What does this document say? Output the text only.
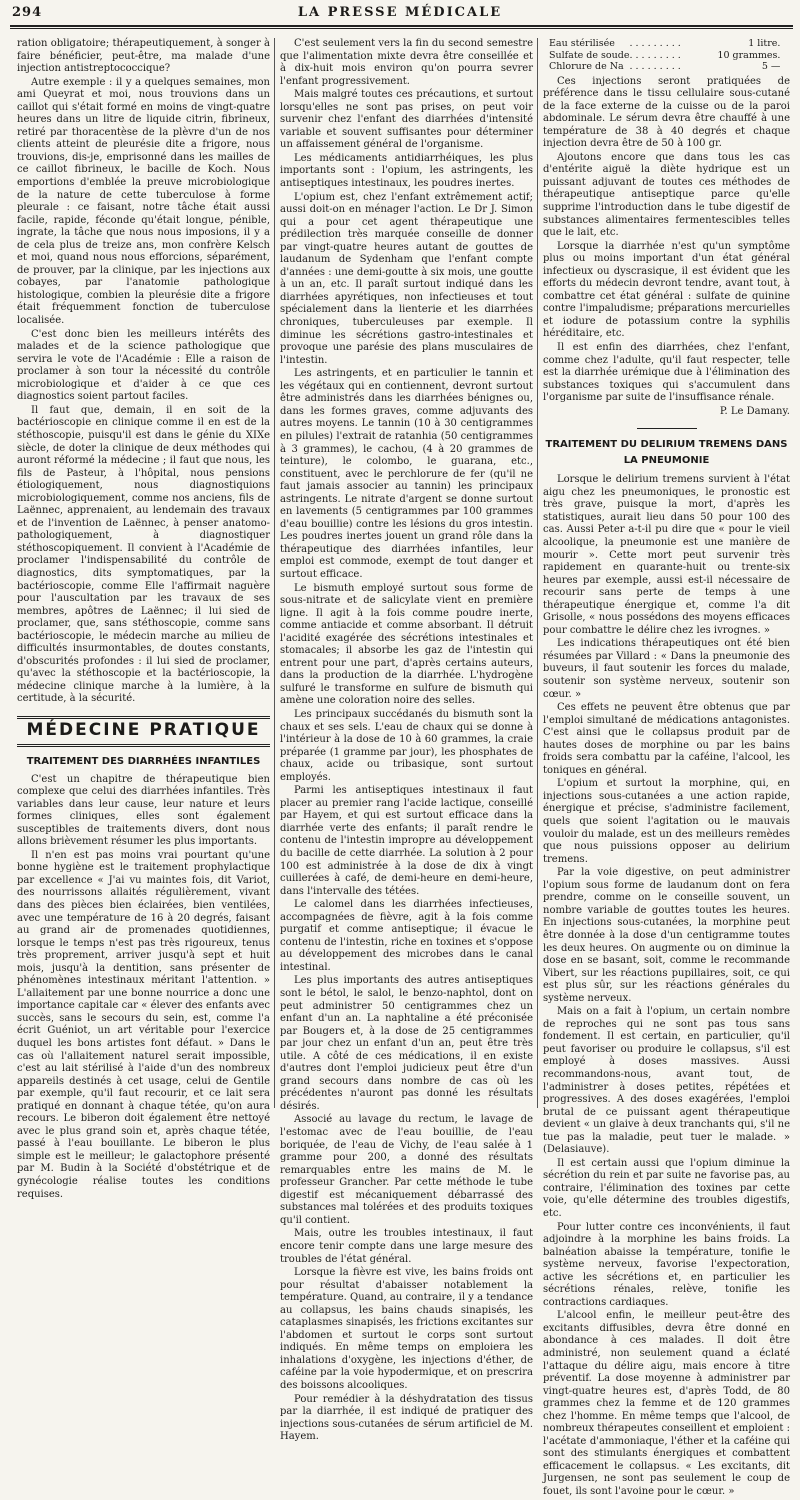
294	LA PRESSE MÉDICALE

ration obligatoire; thérapeutiquement, à songer à faire bénéficier, peut-être, ma malade d'une injection antistreptococcique?

Autre exemple : il y a quelques semaines, mon ami Queyrat et moi, nous trouvions dans un caillot qui s'était formé en moins de vingt-quatre heures dans un litre de liquide citrin, fibrineux, retiré par thoracentèse de la plèvre d'un de nos clients atteint de pleurésie dite a frigore, nous trouvions, dis-je, emprisonné dans les mailles de ce caillot fibrineux, le bacille de Koch. Nous emportions d'emblée la preuve microbiologique de la nature de cette tuberculose à forme pleurale : ce faisant, notre tâche était aussi facile, rapide, féconde qu'était longue, pénible, ingrate, la tâche que nous nous imposions, il y a de cela plus de treize ans, mon confrère Kelsch et moi, quand nous nous efforcions, séparément, de prouver, par la clinique, par les injections aux cobayes, par l'anatomie pathologique histologique, combien la pleurésie dite a frigore était fréquemment fonction de tuberculose localisée.

C'est donc bien les meilleurs intérêts des malades et de la science pathologique que servira le vote de l'Académie : Elle a raison de proclamer à son tour la nécessité du contrôle microbiologique et d'aider à ce que ces diagnostics soient partout faciles.

Il faut que, demain, il en soit de la bactérioscopie en clinique comme il en est de la stéthoscopie, puisqu'il est dans le génie du XIXe siècle, de doter la clinique de deux méthodes qui auront réformé la médecine ; il faut que nous, les fils de Pasteur, à l'hôpital, nous pensions étiologiquement, nous diagnostiquions microbiologiquement, comme nos anciens, fils de Laënnec, apprenaient, au lendemain des travaux et de l'invention de Laënnec, à penser anatomo-pathologiquement, à diagnostiquer stéthoscopiquement. Il convient à l'Académie de proclamer l'indispensabilité du contrôle de diagnostics, dits symptomatiques, par la bactérioscopie, comme Elle l'affirmait naguère pour l'auscultation par les travaux de ses membres, apôtres de Laënnec; il lui sied de proclamer, que, sans stéthoscopie, comme sans bactérioscopie, le médecin marche au milieu de difficultés insurmontables, de doutes constants, d'obscurités profondes : il lui sied de proclamer, qu'avec la stéthoscopie et la bactérioscopie, la médecine clinique marche à la lumière, à la certitude, à la sécurité.

MÉDECINE PRATIQUE
TRAITEMENT DES DIARRHÉES INFANTILES

C'est un chapitre de thérapeutique bien complexe que celui des diarrhées infantiles. Très variables dans leur cause, leur nature et leurs formes cliniques, elles sont également susceptibles de traitements divers, dont nous allons brièvement résumer les plus importants.

Il n'en est pas moins vrai pourtant qu'une bonne hygiène est le traitement prophylactique par excellence « J'ai vu maintes fois, dit Variot, des nourrissons allaités régulièrement, vivant dans des pièces bien éclairées, bien ventilées, avec une température de 16 à 20 degrés, faisant au grand air de promenades quotidiennes, lorsque le temps n'est pas très rigoureux, tenus très proprement, arriver jusqu'à sept et huit mois, jusqu'à la dentition, sans présenter de phénomènes intestinaux méritant l'attention. » L'allaitement par une bonne nourrice a donc une importance capitale car « élever des enfants avec succès, sans le secours du sein, est, comme l'a écrit Guéniot, un art véritable pour l'exercice duquel les bons artistes font défaut. » Dans le cas où l'allaitement naturel serait impossible, c'est au lait stérilisé à l'aide d'un des nombreux appareils destinés à cet usage, celui de Gentile par exemple, qu'il faut recourir, et ce lait sera pratiqué en donnant à chaque tétée, qu'on aura recours. Le biberon doit également être nettoyé avec le plus grand soin et, après chaque tétée, passé à l'eau bouillante. Le biberon le plus simple est le meilleur; le galactophore présenté par M. Budin à la Société d'obstétrique et de gynécologie réalise toutes les conditions requises.

C'est seulement vers la fin du second semestre que l'alimentation mixte devra être conseillée et à dix-huit mois environ qu'on pourra sevrer l'enfant progressivement.

Mais malgré toutes ces précautions, et surtout lorsqu'elles ne sont pas prises, on peut voir survenir chez l'enfant des diarrhées d'intensité variable et souvent suffisantes pour déterminer un affaissement général de l'organisme.

Les médicaments antidiarrhéiques, les plus importants sont : l'opium, les astringents, les antiseptiques intestinaux, les poudres inertes.

L'opium est, chez l'enfant extrêmement actif; aussi doit-on en ménager l'action. Le Dr J. Simon qui a pour cet agent thérapeutique une prédilection très marquée conseille de donner par vingt-quatre heures autant de gouttes de laudanum de Sydenham que l'enfant compte d'années : une demi-goutte à six mois, une goutte à un an, etc. Il paraît surtout indiqué dans les diarrhées apyrétiques, non infectieuses et tout spécialement dans la lienterie et les diarrhées chroniques, tuberculeuses par exemple. Il diminue les sécrétions gastro-intestinales et provoque une parésie des plans musculaires de l'intestin.

Les astringents, et en particulier le tannin et les végétaux qui en contiennent, devront surtout être administrés dans les diarrhées bénignes ou, dans les formes graves, comme adjuvants des autres moyens. Le tannin (10 à 30 centigrammes en pilules) l'extrait de ratanhia (50 centigrammes à 3 grammes), le cachou, (4 à 20 grammes de teinture), le colombo, le guarana, etc., constituent, avec le perchlorure de fer (qu'il ne faut jamais associer au tannin) les principaux astringents. Le nitrate d'argent se donne surtout en lavements (5 centigrammes par 100 grammes d'eau bouillie) contre les lésions du gros intestin. Les poudres inertes jouent un grand rôle dans la thérapeutique des diarrhées infantiles, leur emploi est commode, exempt de tout danger et surtout efficace.

Le bismuth employé surtout sous forme de sous-nitrate et de salicylate vient en première ligne. Il agit à la fois comme poudre inerte, comme antiacide et comme absorbant. Il détruit l'acidité exagérée des sécrétions intestinales et stomacales; il absorbe les gaz de l'intestin qui entrent pour une part, d'après certains auteurs, dans la production de la diarrhée. L'hydrogène sulfuré le transforme en sulfure de bismuth qui amène une coloration noire des selles.

Les principaux succédanés du bismuth sont la chaux et ses sels. L'eau de chaux qui se donne à l'intérieur à la dose de 10 à 60 grammes, la craie préparée (1 gramme par jour), les phosphates de chaux, acide ou tribasique, sont surtout employés.

Parmi les antiseptiques intestinaux il faut placer au premier rang l'acide lactique, conseillé par Hayem, et qui est surtout efficace dans la diarrhée verte des enfants; il paraît rendre le contenu de l'intestin impropre au développement du bacille de cette diarrhée. La solution à 2 pour 100 est administrée à la dose de dix à vingt cuillerées à café, de demi-heure en demi-heure, dans l'intervalle des tétées.

Le calomel dans les diarrhées infectieuses, accompagnées de fièvre, agit à la fois comme purgatif et comme antiseptique; il évacue le contenu de l'intestin, riche en toxines et s'oppose au développement des microbes dans le canal intestinal.

Les plus importants des autres antiseptiques sont le bétol, le salol, le benzo-naphtol, dont on peut administrer 50 centigrammes chez un enfant d'un an. La naphtaline a été préconisée par Bougers et, à la dose de 25 centigrammes par jour chez un enfant d'un an, peut être très utile. A côté de ces médications, il en existe d'autres dont l'emploi judicieux peut être d'un grand secours dans nombre de cas où les précédentes n'auront pas donné les résultats désirés.

Associé au lavage du rectum, le lavage de l'estomac avec de l'eau bouillie, de l'eau boriquée, de l'eau de Vichy, de l'eau salée à 1 gramme pour 200, a donné des résultats remarquables entre les mains de M. le professeur Grancher. Par cette méthode le tube digestif est mécaniquement débarrassé des substances mal tolérées et des produits toxiques qu'il contient.

Mais, outre les troubles intestinaux, il faut encore tenir compte dans une large mesure des troubles de l'état général.

Lorsque la fièvre est vive, les bains froids ont pour résultat d'abaisser notablement la température. Quand, au contraire, il y a tendance au collapsus, les bains chauds sinapisés, les cataplasmes sinapisés, les frictions excitantes sur l'abdomen et surtout le corps sont surtout indiqués. En même temps on emploiera les inhalations d'oxygène, les injections d'éther, de caféine par la voie hypodermique, et on prescrira des boissons alcooliques.

Pour remédier à la déshydratation des tissus par la diarrhée, il est indiqué de pratiquer des injections sous-cutanées de sérum artificiel de M. Hayem.

Eau stérilisée	. . . . . . . . .	1 litre.
Sulfate de soude	. . . . . . . . .	10 grammes.
Chlorure de Na	. . . . . . . . .	5 —

Ces injections seront pratiquées de préférence dans le tissu cellulaire sous-cutané de la face externe de la cuisse ou de la paroi abdominale. Le sérum devra être chauffé à une température de 38 à 40 degrés et chaque injection devra être de 50 à 100 gr.

Ajoutons encore que dans tous les cas d'entérite aiguë la diète hydrique est un puissant adjuvant de toutes ces méthodes de thérapeutique antiseptique parce qu'elle supprime l'introduction dans le tube digestif de substances alimentaires fermentescibles telles que le lait, etc.

Lorsque la diarrhée n'est qu'un symptôme plus ou moins important d'un état général infectieux ou dyscrasique, il est évident que les efforts du médecin devront tendre, avant tout, à combattre cet état général : sulfate de quinine contre l'impaludisme; préparations mercurielles et iodure de potassium contre la syphilis héréditaire, etc.

Il est enfin des diarrhées, chez l'enfant, comme chez l'adulte, qu'il faut respecter, telle est la diarrhée urémique due à l'élimination des substances toxiques qui s'accumulent dans l'organisme par suite de l'insuffisance rénale.

P. Le Damany.

TRAITEMENT DU DELIRIUM TREMENS DANS LA PNEUMONIE

Lorsque le delirium tremens survient à l'état aigu chez les pneumoniques, le pronostic est très grave, puisque la mort, d'après les statistiques, aurait lieu dans 50 pour 100 des cas. Aussi Peter a-t-il pu dire que « pour le vieil alcoolique, la pneumonie est une manière de mourir ». Cette mort peut survenir très rapidement en quarante-huit ou trente-six heures par exemple, aussi est-il nécessaire de recourir sans perte de temps à une thérapeutique énergique et, comme l'a dit Grisolle, « nous possédons des moyens efficaces pour combattre le délire chez les ivrognes. »

Les indications thérapeutiques ont été bien résumées par Villard : « Dans la pneumonie des buveurs, il faut soutenir les forces du malade, soutenir son système nerveux, soutenir son cœur. »

Ces effets ne peuvent être obtenus que par l'emploi simultané de médications antagonistes. C'est ainsi que le collapsus produit par de hautes doses de morphine ou par les bains froids sera combattu par la caféine, l'alcool, les toniques en général.

L'opium et surtout la morphine, qui, en injections sous-cutanées a une action rapide, énergique et précise, s'administre facilement, quels que soient l'agitation ou le mauvais vouloir du malade, est un des meilleurs remèdes que nous puissions opposer au delirium tremens.

Par la voie digestive, on peut administrer l'opium sous forme de laudanum dont on fera prendre, comme on le conseille souvent, un nombre variable de gouttes toutes les heures. En injections sous-cutanées, la morphine peut être donnée à la dose d'un centigramme toutes les deux heures. On augmente ou on diminue la dose en se basant, soit, comme le recommande Vibert, sur les réactions pupillaires, soit, ce qui est plus sûr, sur les réactions générales du système nerveux.

Mais on a fait à l'opium, un certain nombre de reproches qui ne sont pas tous sans fondement. Il est certain, en particulier, qu'il peut favoriser ou produire le collapsus, s'il est employé à doses massives. Aussi recommandons-nous, avant tout, de l'administrer à doses petites, répétées et progressives. A des doses exagérées, l'emploi brutal de ce puissant agent thérapeutique devient « un glaive à deux tranchants qui, s'il ne tue pas la maladie, peut tuer le malade. » (Delasiauve).

Il est certain aussi que l'opium diminue la sécrétion du rein et par suite ne favorise pas, au contraire, l'élimination des toxines par cette voie, qu'elle détermine des troubles digestifs, etc.

Pour lutter contre ces inconvénients, il faut adjoindre à la morphine les bains froids. La balnéation abaisse la température, tonifie le système nerveux, favorise l'expectoration, active les sécrétions et, en particulier les sécrétions rénales, relève, tonifie les contractions cardiaques.

L'alcool enfin, le meilleur peut-être des excitants diffusibles, devra être donné en abondance à ces malades. Il doit être administré, non seulement quand a éclaté l'attaque du délire aigu, mais encore à titre préventif. La dose moyenne à administrer par vingt-quatre heures est, d'après Todd, de 80 grammes chez la femme et de 120 grammes chez l'homme. En même temps que l'alcool, de nombreux thérapeutes conseillent et emploient : l'acétate d'ammoniaque, l'éther et la caféine qui sont des stimulants énergiques et combattent efficacement le collapsus. « Les excitants, dit Jurgensen, ne sont pas seulement le coup de fouet, ils sont l'avoine pour le cœur. »
